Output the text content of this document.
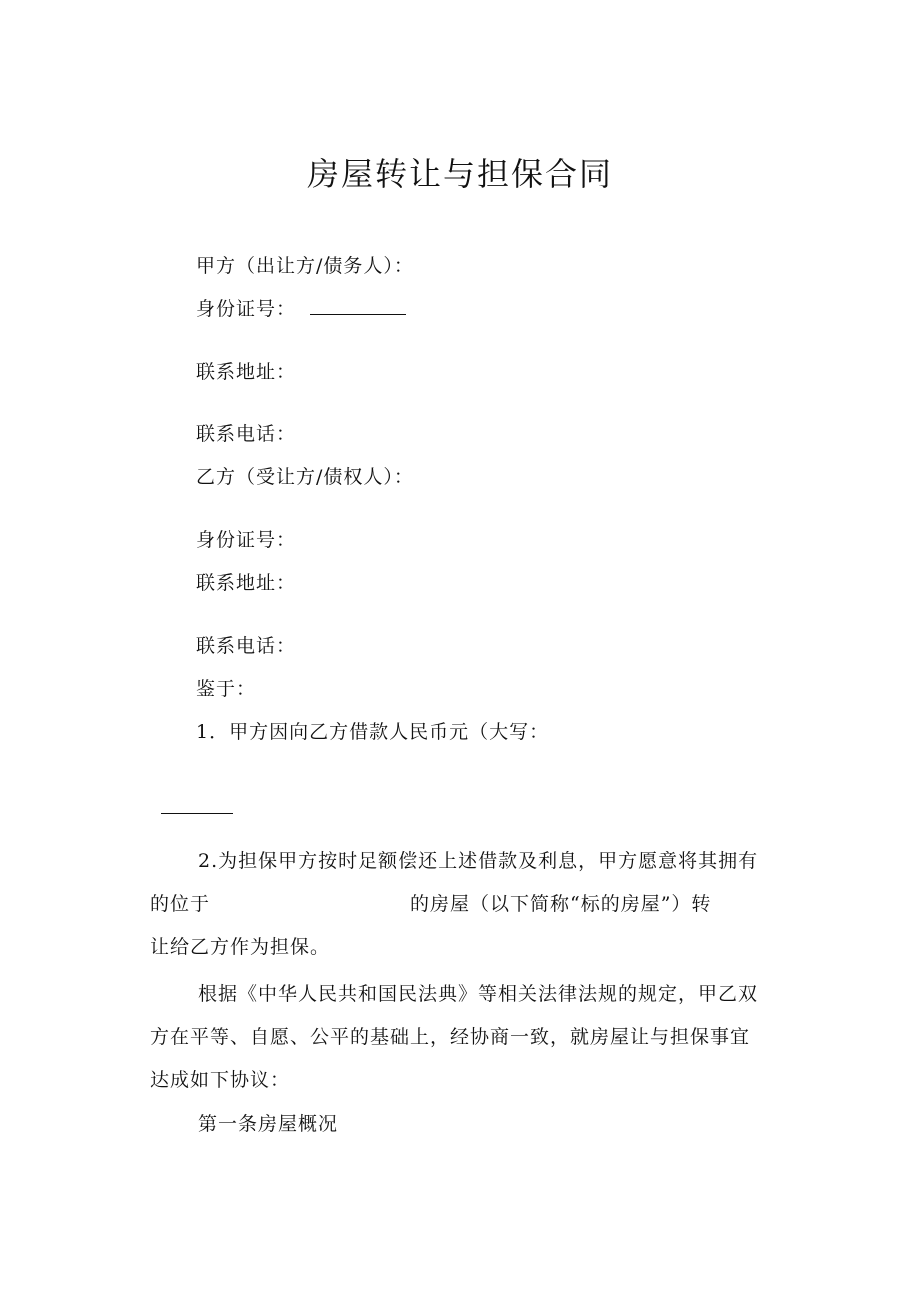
房屋转让与担保合同
甲方（出让方/债务人）：
身份证号：
联系地址：
联系电话：
乙方（受让方/债权人）：
身份证号：
联系地址：
联系电话：
鉴于：
1．甲方因向乙方借款人民币元（大写：
2.为担保甲方按时足额偿还上述借款及利息，甲方愿意将其拥有
的位于	的房屋（以下简称“标的房屋”）转
让给乙方作为担保。
根据《中华人民共和国民法典》等相关法律法规的规定，甲乙双
方在平等、自愿、公平的基础上，经协商一致，就房屋让与担保事宜
达成如下协议：
第一条房屋概况
